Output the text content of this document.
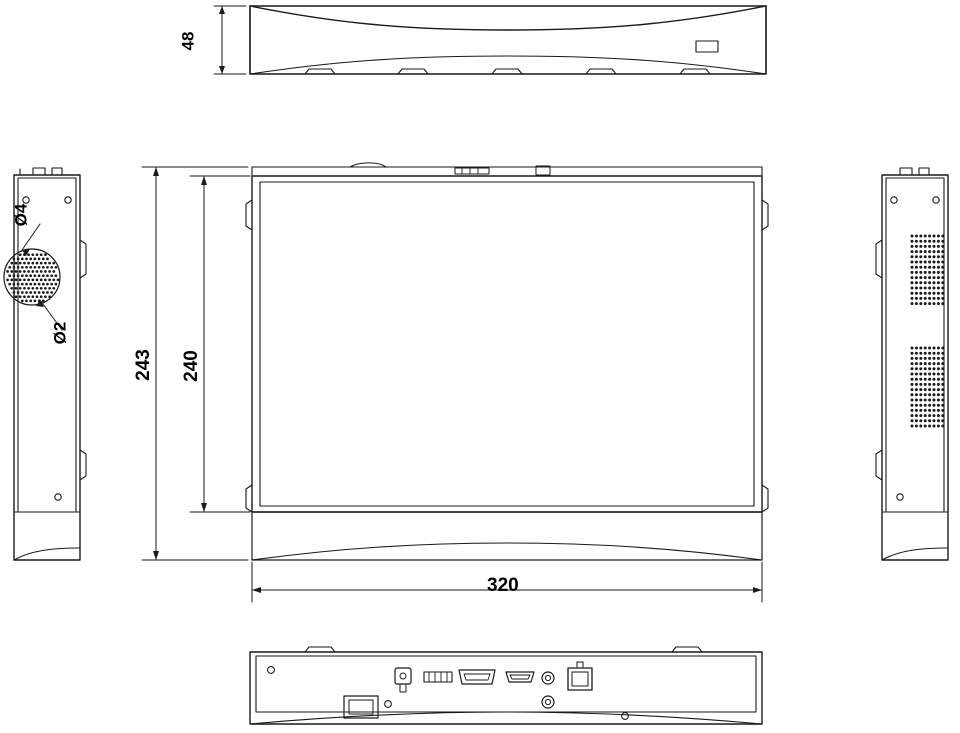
48
243 240
320
Ø4
Ø2
